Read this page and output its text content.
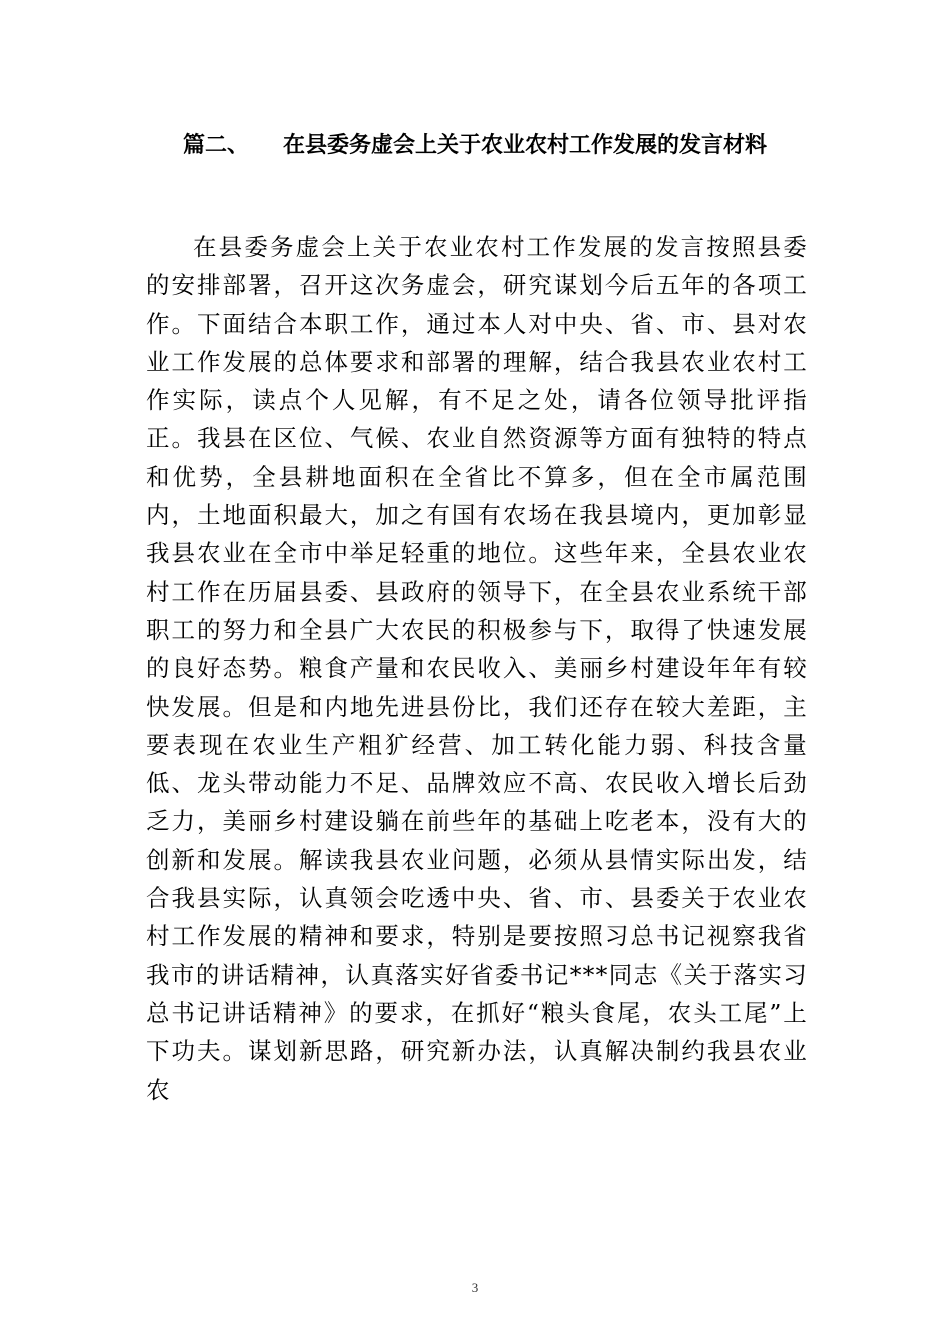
篇二、 在县委务虚会上关于农业农村工作发展的发言材料

在县委务虚会上关于农业农村工作发展的发言按照县委的安排部署，召开这次务虚会，研究谋划今后五年的各项工作。下面结合本职工作，通过本人对中央、省、市、县对农业工作发展的总体要求和部署的理解，结合我县农业农村工作实际，读点个人见解，有不足之处，请各位领导批评指正。我县在区位、气候、农业自然资源等方面有独特的特点和优势，全县耕地面积在全省比不算多，但在全市属范围内，土地面积最大，加之有国有农场在我县境内，更加彰显我县农业在全市中举足轻重的地位。这些年来，全县农业农村工作在历届县委、县政府的领导下，在全县农业系统干部职工的努力和全县广大农民的积极参与下，取得了快速发展的良好态势。粮食产量和农民收入、美丽乡村建设年年有较快发展。但是和内地先进县份比，我们还存在较大差距，主要表现在农业生产粗犷经营、加工转化能力弱、科技含量低、龙头带动能力不足、品牌效应不高、农民收入增长后劲乏力，美丽乡村建设躺在前些年的基础上吃老本，没有大的创新和发展。解读我县农业问题，必须从县情实际出发，结合我县实际，认真领会吃透中央、省、市、县委关于农业农村工作发展的精神和要求，特别是要按照习总书记视察我省我市的讲话精神，认真落实好省委书记***同志《关于落实习总书记讲话精神》的要求，在抓好“粮头食尾，农头工尾”上下功夫。谋划新思路，研究新办法，认真解决制约我县农业农

3
